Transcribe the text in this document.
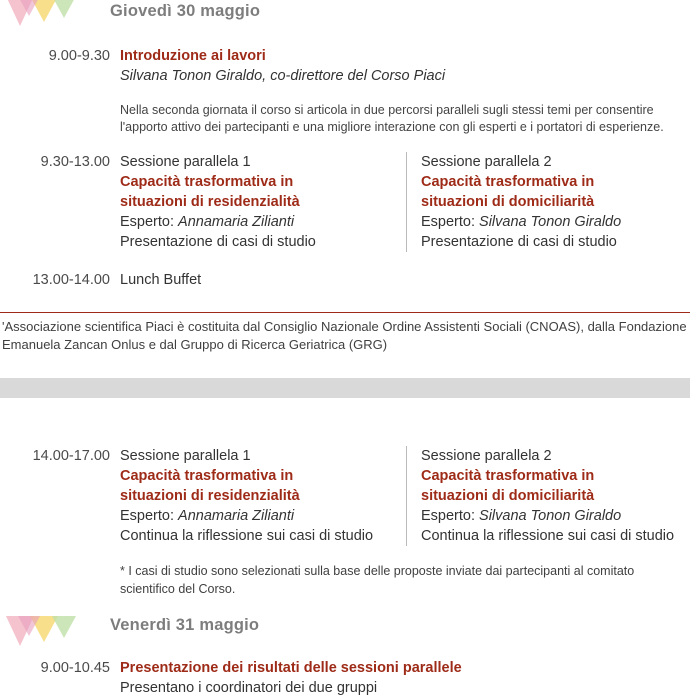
Giovedì 30 maggio
9.00-9.30 Introduzione ai lavori
Silvana Tonon Giraldo, co-direttore del Corso Piaci
Nella seconda giornata il corso si articola in due percorsi paralleli sugli stessi temi per consentire l'apporto attivo dei partecipanti e una migliore interazione con gli esperti e i portatori di esperienze.
9.30-13.00 Sessione parallela 1
Capacità trasformativa in
situazioni di residenzialità
Esperto: Annamaria Zilianti
Presentazione di casi di studio
Sessione parallela 2
Capacità trasformativa in
situazioni di domiciliarità
Esperto: Silvana Tonon Giraldo
Presentazione di casi di studio
13.00-14.00 Lunch Buffet
'Associazione scientifica Piaci è costituita dal Consiglio Nazionale Ordine Assistenti Sociali (CNOAS), dalla Fondazione Emanuela Zancan Onlus e dal Gruppo di Ricerca Geriatrica (GRG)
14.00-17.00 Sessione parallela 1
Capacità trasformativa in
situazioni di residenzialità
Esperto: Annamaria Zilianti
Continua la riflessione sui casi di studio
Sessione parallela 2
Capacità trasformativa in
situazioni di domiciliarità
Esperto: Silvana Tonon Giraldo
Continua la riflessione sui casi di studio
* I casi di studio sono selezionati sulla base delle proposte inviate dai partecipanti al comitato scientifico del Corso.
Venerdì 31 maggio
9.00-10.45 Presentazione dei risultati delle sessioni parallele
Presentano i coordinatori dei due gruppi
